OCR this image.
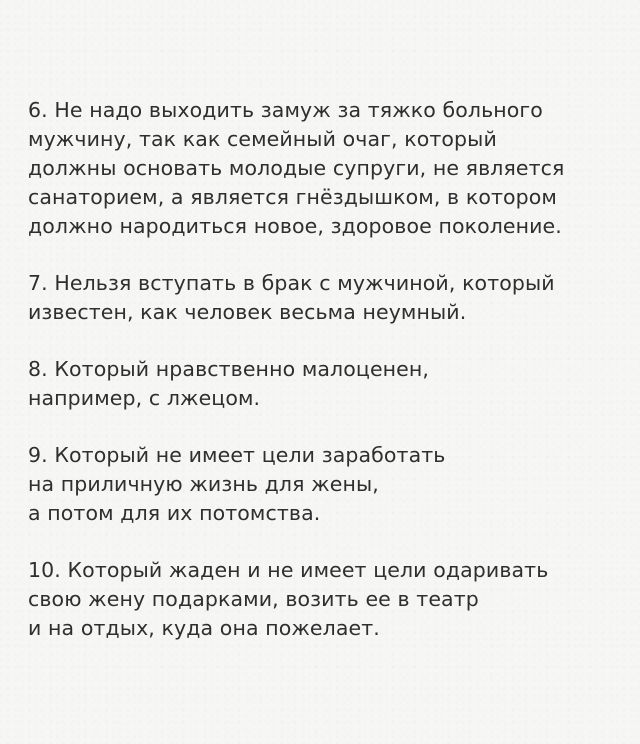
6. Не надо выходить замуж за тяжко больного
мужчину, так как семейный очаг, который
должны основать молодые супруги, не является
санаторием, а является гнёздышком, в котором
должно народиться новое, здоровое поколение.
7. Нельзя вступать в брак с мужчиной, который
известен, как человек весьма неумный.
8. Который нравственно малоценен,
например, с лжецом.
9. Который не имеет цели заработать
на приличную жизнь для жены,
а потом для их потомства.
10. Который жаден и не имеет цели одаривать
свою жену подарками, возить ее в театр
и на отдых, куда она пожелает.
